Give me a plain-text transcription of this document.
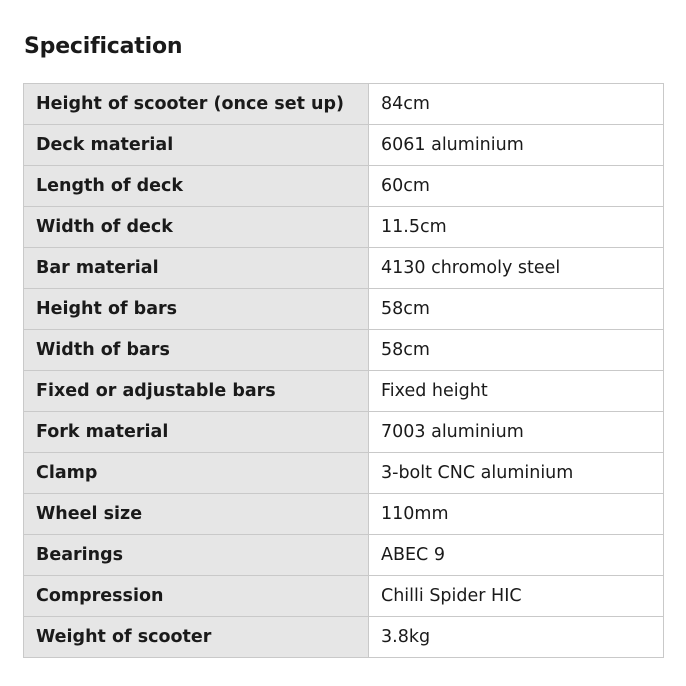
Specification
Height of scooter (once set up)	84cm
Deck material	6061 aluminium
Length of deck	60cm
Width of deck	11.5cm
Bar material	4130 chromoly steel
Height of bars	58cm
Width of bars	58cm
Fixed or adjustable bars	Fixed height
Fork material	7003 aluminium
Clamp	3-bolt CNC aluminium
Wheel size	110mm
Bearings	ABEC 9
Compression	Chilli Spider HIC
Weight of scooter	3.8kg
